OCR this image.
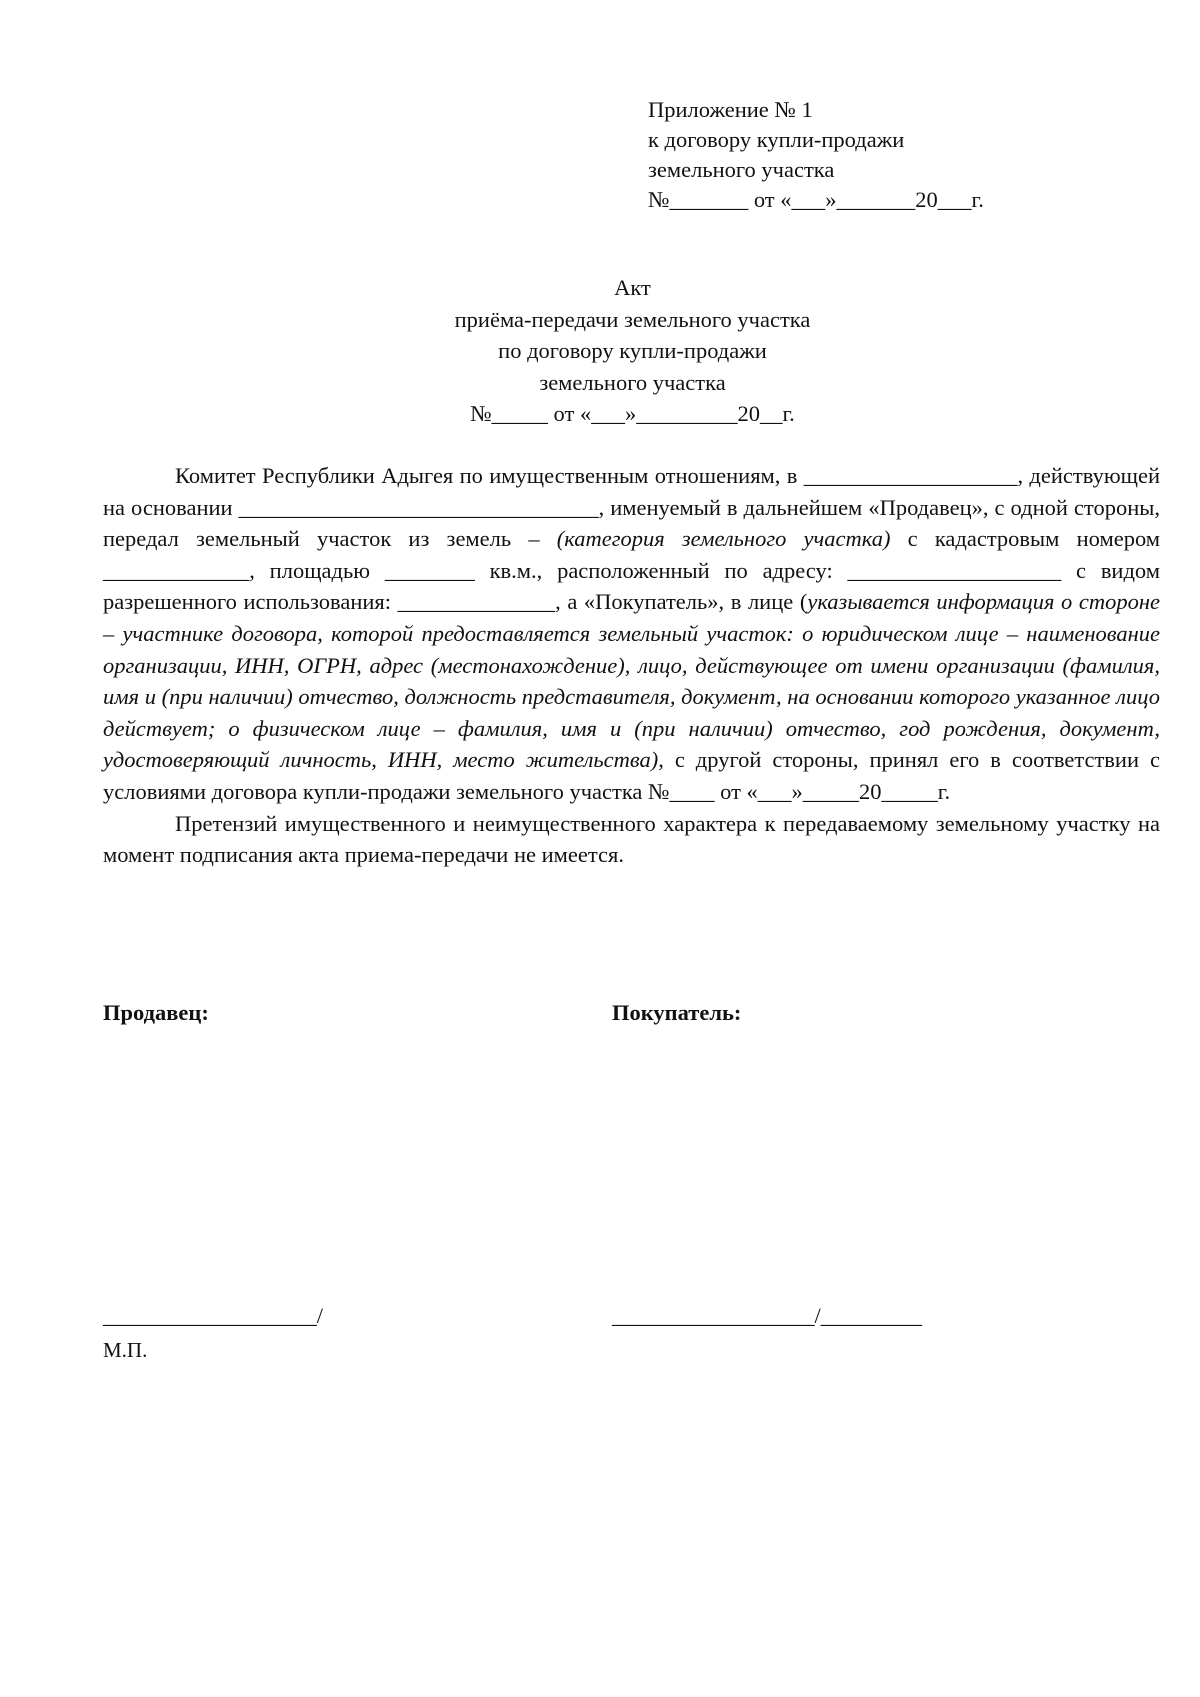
Приложение № 1
к договору купли-продажи
земельного участка
№_______ от «___»_______20___г.
Акт
приёма-передачи земельного участка
по договору купли-продажи
земельного участка
№_____ от «___»_________20__г.

Комитет Республики Адыгея по имущественным отношениям, в ___________________, действующей на основании ________________________________, именуемый в дальнейшем «Продавец», с одной стороны, передал земельный участок из земель – (категория земельного участка) с кадастровым номером _____________, площадью ________ кв.м., расположенный по адресу: ___________________ с видом разрешенного использования: ______________, а «Покупатель», в лице (указывается информация о стороне – участнике договора, которой предоставляется земельный участок: о юридическом лице – наименование организации, ИНН, ОГРН, адрес (местонахождение), лицо, действующее от имени организации (фамилия, имя и (при наличии) отчество, должность представителя, документ, на основании которого указанное лицо действует; о физическом лице – фамилия, имя и (при наличии) отчество, год рождения, документ, удостоверяющий личность, ИНН, место жительства), с другой стороны, принял его в соответствии с условиями договора купли-продажи земельного участка №____ от «___»_____20_____г.

Претензий имущественного и неимущественного характера к передаваемому земельному участку на момент подписания акта приема-передачи не имеется.

Продавец:	Покупатель:
___________________/	__________________/_________
М.П.
